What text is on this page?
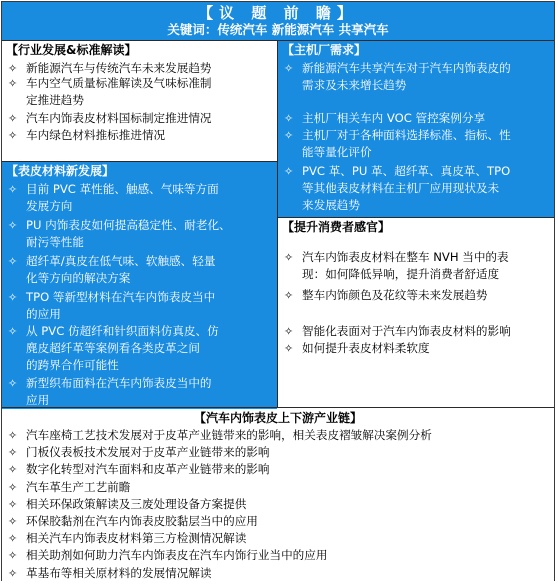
【议 题 前 瞻】
关键词：传统汽车 新能源汽车 共享汽车
【行业发展&标准解读】
✧ 新能源汽车与传统汽车未来发展趋势
✧ 车内空气质量标准解读及气味标准制
定推进趋势
✧ 汽车内饰表皮材料国标制定推进情况
✧ 车内绿色材料推标推进情况
【主机厂需求】
✧ 新能源汽车共享汽车对于汽车内饰表皮的
需求及未来增长趋势
✧ 主机厂相关车内 VOC 管控案例分享
✧ 主机厂对于各种面料选择标准、指标、性
能等量化评价
✧ PVC 革、PU 革、超纤革、真皮革、TPO
等其他表皮材料在主机厂应用现状及未
来发展趋势
【表皮材料新发展】
✧ 目前 PVC 革性能、触感、气味等方面
发展方向
✧ PU 内饰表皮如何提高稳定性、耐老化、
耐污等性能
✧ 超纤革/真皮在低气味、软触感、轻量
化等方向的解决方案
✧ TPO 等新型材料在汽车内饰表皮当中
的应用
✧ 从 PVC 仿超纤和针织面料仿真皮、仿
麂皮超纤革等案例看各类皮革之间
的跨界合作可能性
✧ 新型织布面料在汽车内饰表皮当中的
应用
【提升消费者感官】
✧ 汽车内饰表皮材料在整车 NVH 当中的表
现：如何降低异响，提升消费者舒适度
✧ 整车内饰颜色及花纹等未来发展趋势
✧ 智能化表面对于汽车内饰表皮材料的影响
✧ 如何提升表皮材料柔软度
【汽车内饰表皮上下游产业链】
✧ 汽车座椅工艺技术发展对于皮革产业链带来的影响，相关表皮褶皱解决案例分析
✧ 门板仪表板技术发展对于皮革产业链带来的影响
✧ 数字化转型对汽车面料和皮革产业链带来的影响
✧ 汽车革生产工艺前瞻
✧ 相关环保政策解读及三废处理设备方案提供
✧ 环保胶黏剂在汽车内饰表皮胶黏层当中的应用
✧ 相关汽车内饰表皮材料第三方检测情况解读
✧ 相关助剂如何助力汽车内饰表皮在汽车内饰行业当中的应用
✧ 革基布等相关原材料的发展情况解读
